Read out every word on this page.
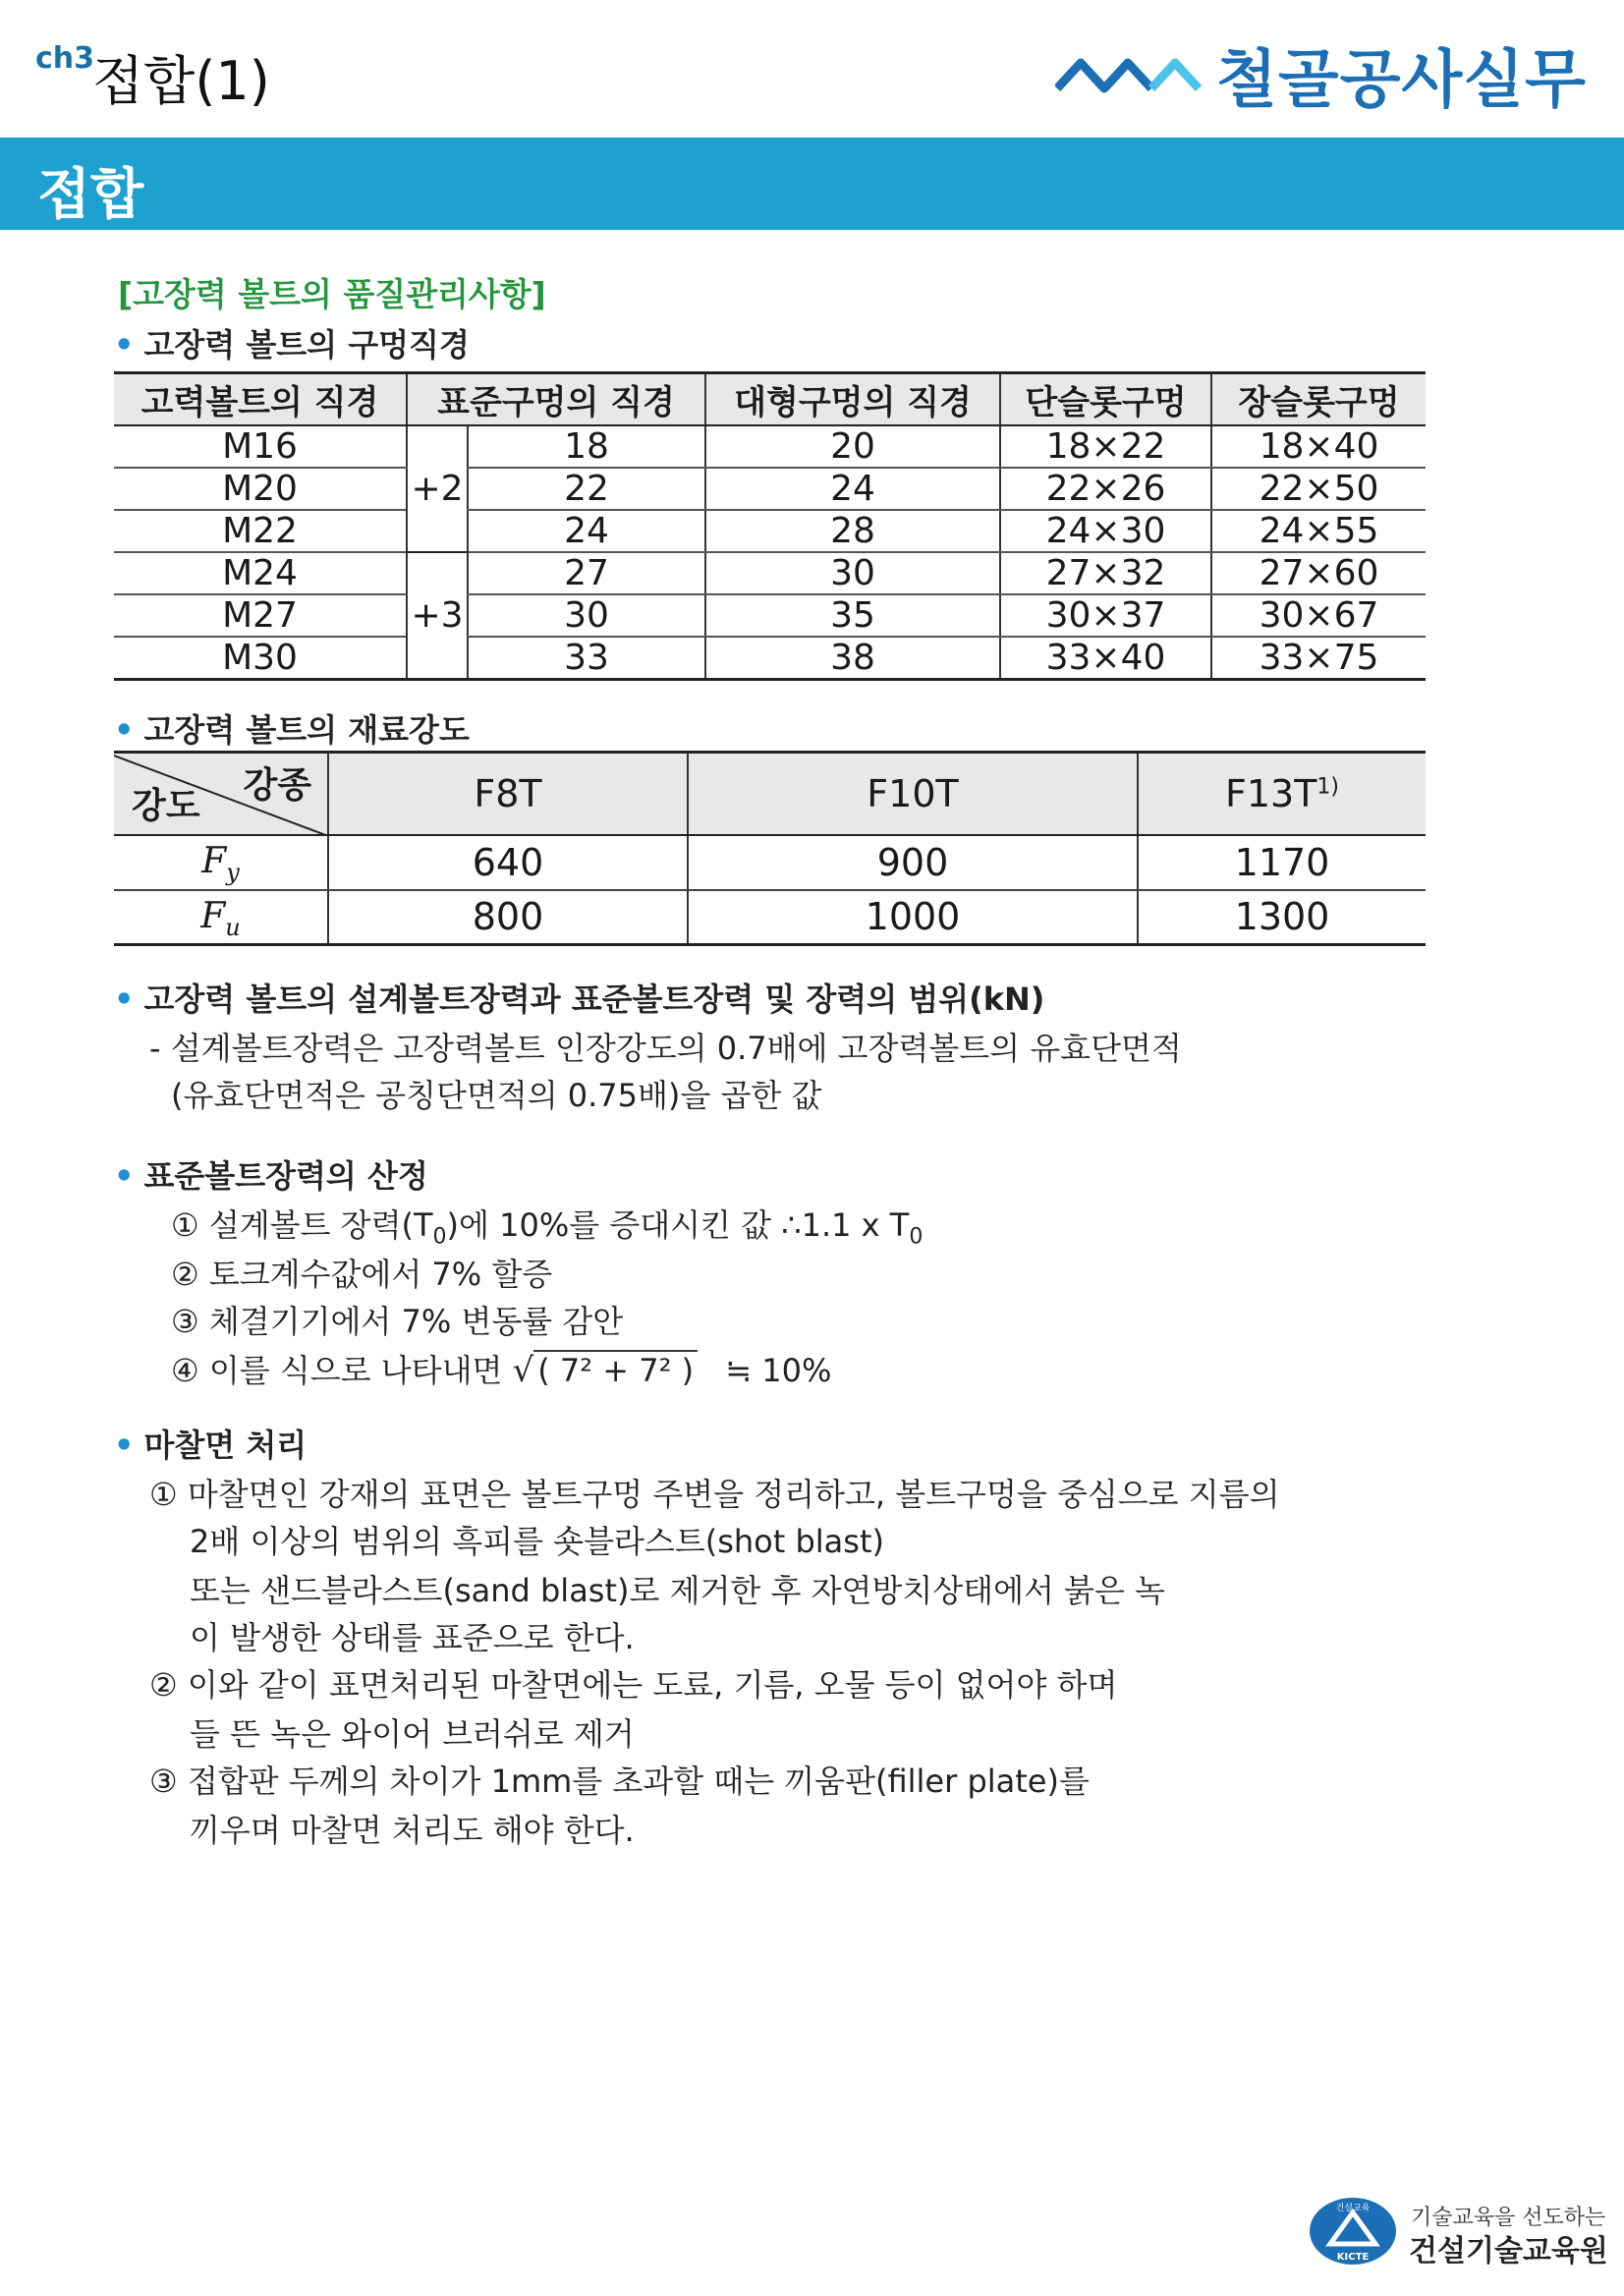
ch3
접합(1)	철골공사실무
접합
[고장력 볼트의 품질관리사항]
• 고장력 볼트의 구멍직경
고력볼트의 직경	표준구멍의 직경		대형구멍의 직경	단슬롯구멍	장슬롯구멍
M16	+2	18	20	18×22	18×40
M20		22	24	22×26	22×50
M22		24	28	24×30	24×55
M24	+3	27	30	27×32	27×60
M27		30	35	30×37	30×67
M30		33	38	33×40	33×75
• 고장력 볼트의 재료강도
강종
강도	F8T	F10T	F13T$^{1)}$
$F_y$	640	900	1170
$F_u$	800	1000	1300
• 고장력 볼트의 설계볼트장력과 표준볼트장력 및 장력의 범위(kN)
- 설계볼트장력은 고장력볼트 인장강도의 0.7배에 고장력볼트의 유효단면적
(유효단면적은 공칭단면적의 0.75배)을 곱한 값
• 표준볼트장력의 산정
① 설계볼트 장력$(T_0)$에 10%를 증대시킨 값 ∴1.1 x $T_0$
② 토크계수값에서 7% 할증
③ 체결기기에서 7% 변동률 감안
④ 이를 식으로 나타내면 √ ( 7² + 7² ) ≒ 10%
• 마찰면 처리
① 마찰면인 강재의 표면은 볼트구멍 주변을 정리하고, 볼트구멍을 중심으로 지름의
2배 이상의 범위의 흑피를 숏블라스트(shot blast)
또는 샌드블라스트(sand blast)로 제거한 후 자연방치상태에서 붉은 녹
이 발생한 상태를 표준으로 한다.
② 이와 같이 표면처리된 마찰면에는 도료, 기름, 오물 등이 없어야 하며
들 뜬 녹은 와이어 브러쉬로 제거
③ 접합판 두께의 차이가 1mm를 초과할 때는 끼움판(filler plate)를
끼우며 마찰면 처리도 해야 한다.
건설교육
KICTE
기술교육을 선도하는
건설기술교육원
